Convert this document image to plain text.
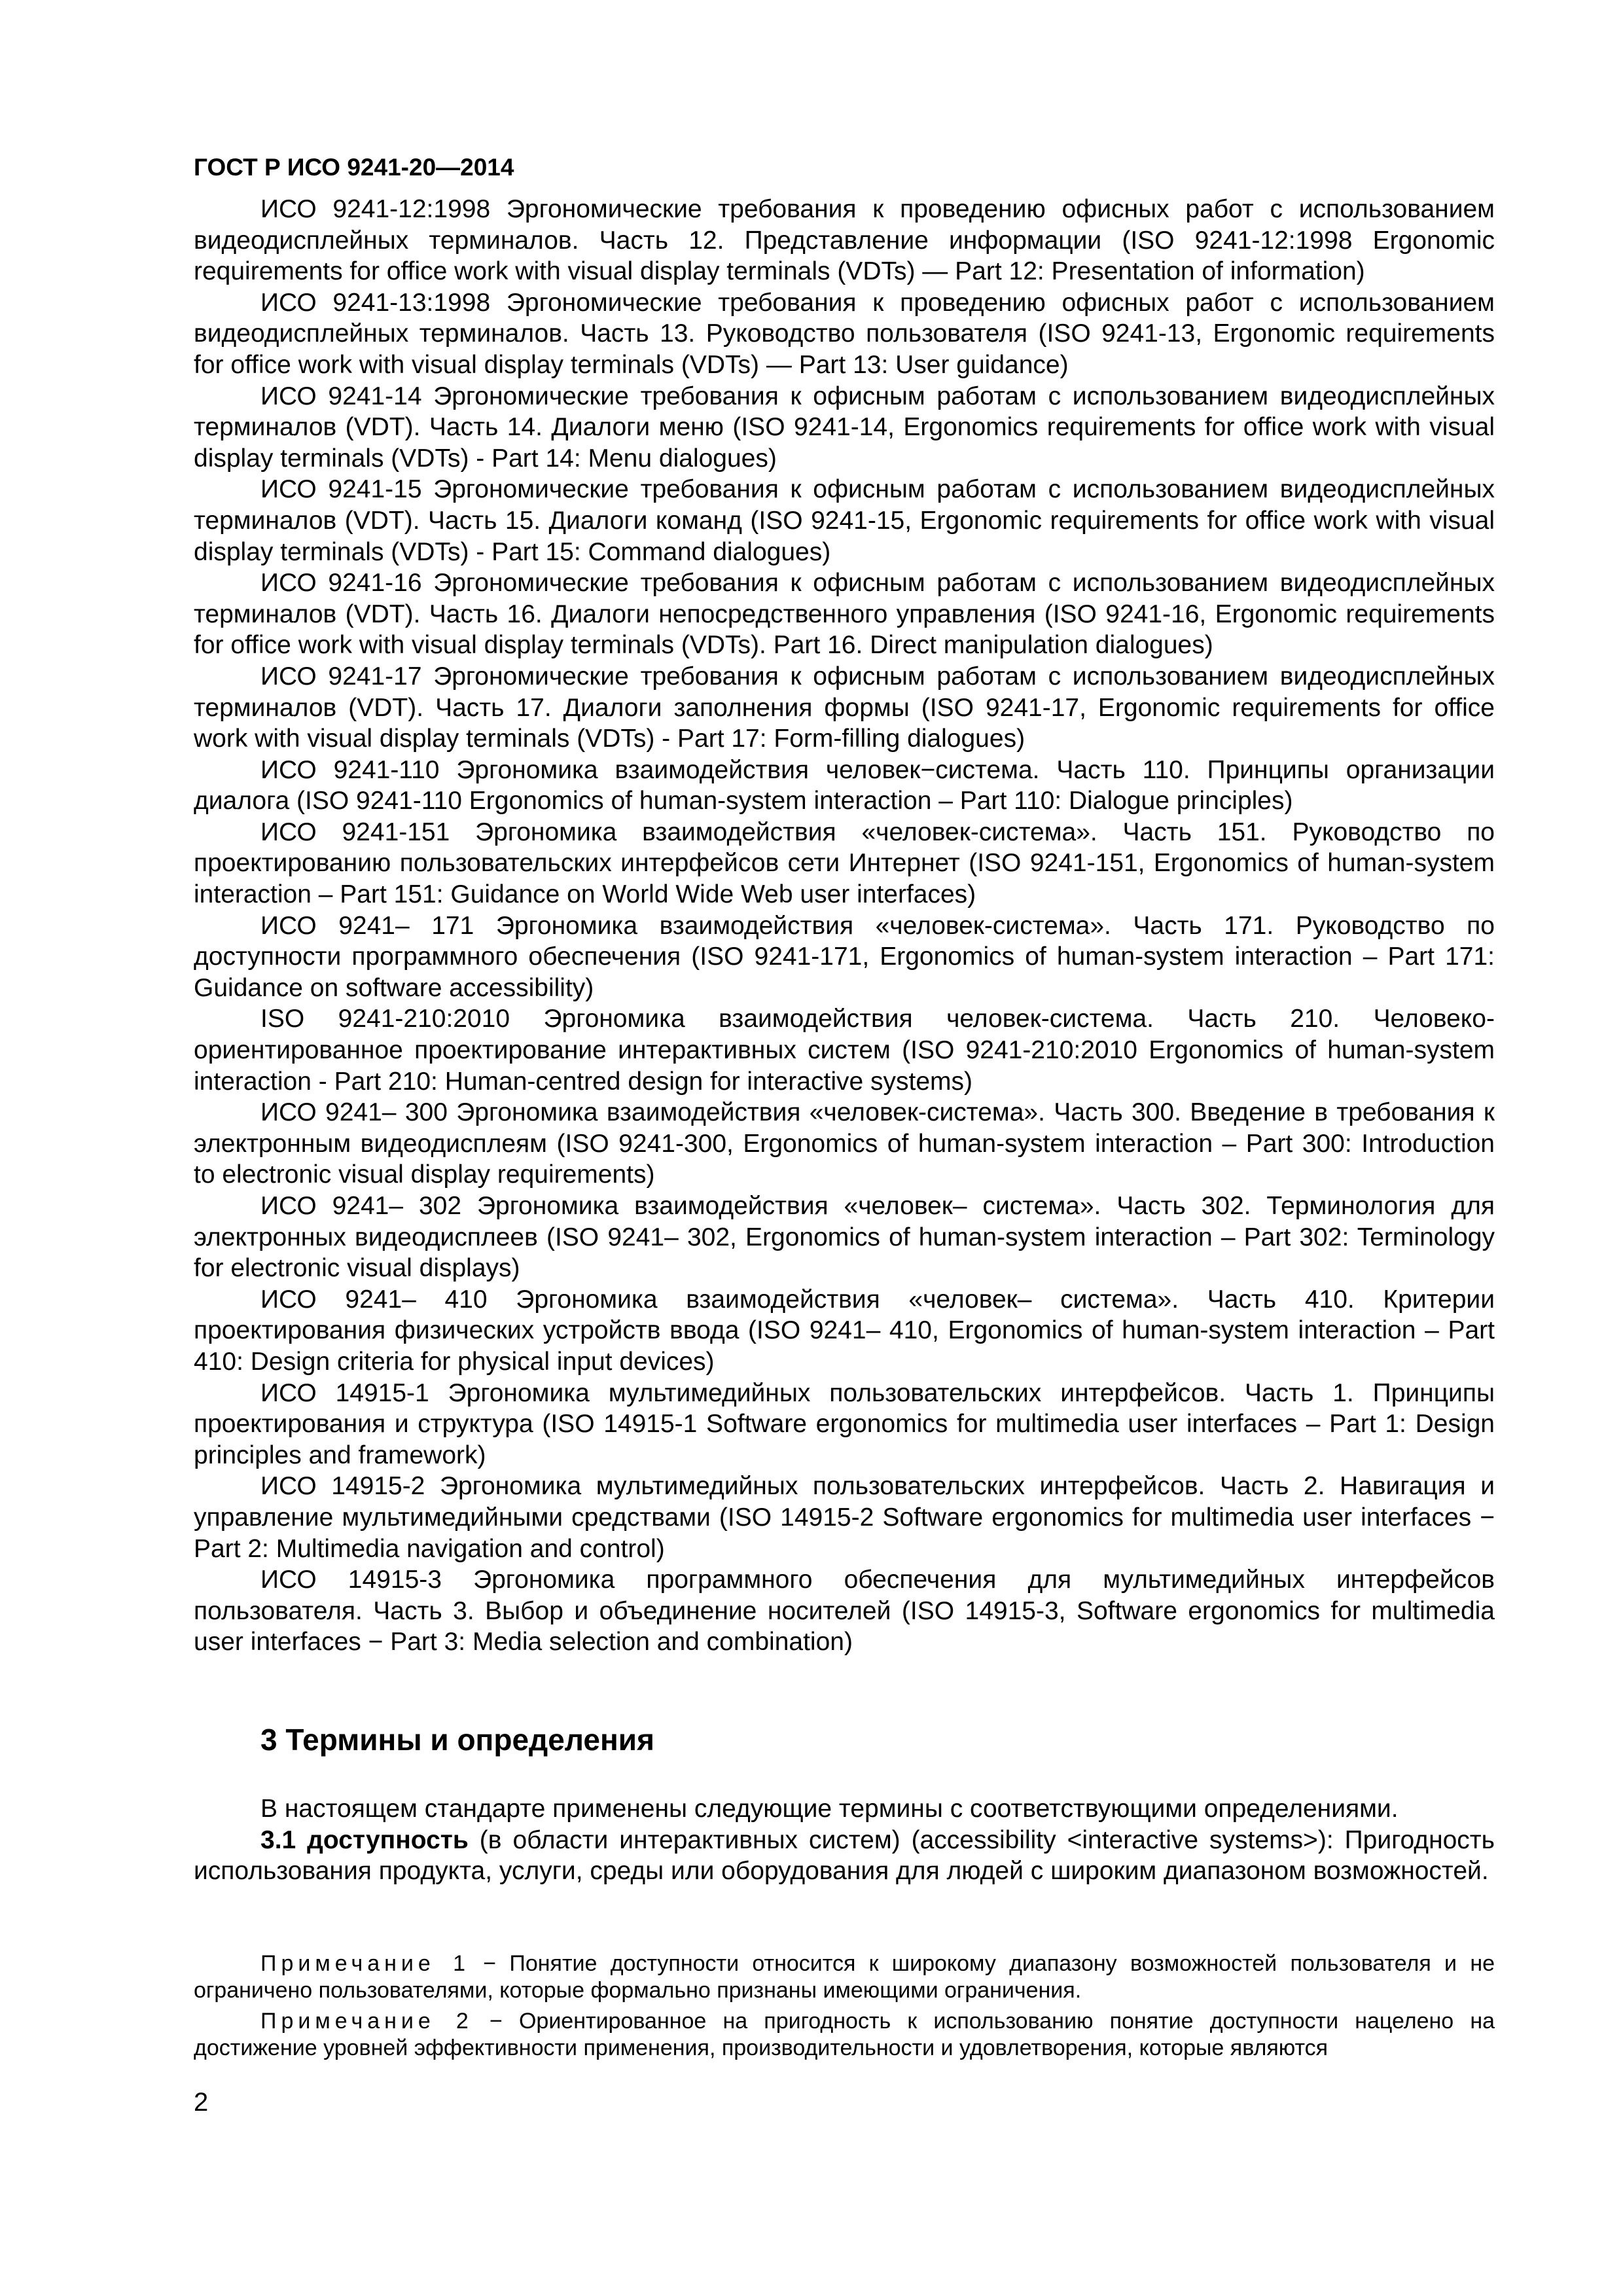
ГОСТ Р ИСО 9241-20—2014

ИСО 9241-12:1998 Эргономические требования к проведению офисных работ с использованием видеодисплейных терминалов. Часть 12. Представление информации (ISO 9241-12:1998 Ergonomic requirements for office work with visual display terminals (VDTs) — Part 12: Presentation of information)

ИСО 9241-13:1998 Эргономические требования к проведению офисных работ с использованием видеодисплейных терминалов. Часть 13. Руководство пользователя (ISO 9241-13, Ergonomic requirements for office work with visual display terminals (VDTs) — Part 13: User guidance)

ИСО 9241-14 Эргономические требования к офисным работам с использованием видеодисплейных терминалов (VDT). Часть 14. Диалоги меню (ISO 9241-14, Ergonomics requirements for office work with visual display terminals (VDTs) - Part 14: Menu dialogues)

ИСО 9241-15 Эргономические требования к офисным работам с использованием видеодисплейных терминалов (VDT). Часть 15. Диалоги команд (ISO 9241-15, Ergonomic requirements for office work with visual display terminals (VDTs) - Part 15: Command dialogues)

ИСО 9241-16 Эргономические требования к офисным работам с использованием видеодисплейных терминалов (VDT). Часть 16. Диалоги непосредственного управления (ISO 9241-16, Ergonomic requirements for office work with visual display terminals (VDTs). Part 16. Direct manipulation dialogues)

ИСО 9241-17 Эргономические требования к офисным работам с использованием видеодисплейных терминалов (VDT). Часть 17. Диалоги заполнения формы (ISO 9241-17, Ergonomic requirements for office work with visual display terminals (VDTs) - Part 17: Form-filling dialogues)

ИСО 9241-110 Эргономика взаимодействия человек−система. Часть 110. Принципы организации диалога (ISO 9241-110 Ergonomics of human-system interaction – Part 110: Dialogue principles)

ИСО 9241-151 Эргономика взаимодействия «человек-система». Часть 151. Руководство по проектированию пользовательских интерфейсов сети Интернет (ISO 9241-151, Ergonomics of human-system interaction – Part 151: Guidance on World Wide Web user interfaces)

ИСО 9241– 171 Эргономика взаимодействия «человек-система». Часть 171. Руководство по доступности программного обеспечения (ISO 9241-171, Ergonomics of human-system interaction – Part 171: Guidance on software accessibility)

ISO 9241-210:2010 Эргономика взаимодействия человек-система. Часть 210. Человеко-ориентированное проектирование интерактивных систем (ISO 9241-210:2010 Ergonomics of human-system interaction - Part 210: Human-centred design for interactive systems)

ИСО 9241– 300 Эргономика взаимодействия «человек-система». Часть 300. Введение в требования к электронным видеодисплеям (ISO 9241-300, Ergonomics of human-system interaction – Part 300: Introduction to electronic visual display requirements)

ИСО 9241– 302 Эргономика взаимодействия «человек– система». Часть 302. Терминология для электронных видеодисплеев (ISO 9241– 302, Ergonomics of human-system interaction – Part 302: Terminology for electronic visual displays)

ИСО 9241– 410 Эргономика взаимодействия «человек– система». Часть 410. Критерии проектирования физических устройств ввода (ISO 9241– 410, Ergonomics of human-system interaction – Part 410: Design criteria for physical input devices)

ИСО 14915-1 Эргономика мультимедийных пользовательских интерфейсов. Часть 1. Принципы проектирования и структура (ISO 14915-1 Software ergonomics for multimedia user interfaces – Part 1: Design principles and framework)

ИСО 14915-2 Эргономика мультимедийных пользовательских интерфейсов. Часть 2. Навигация и управление мультимедийными средствами (ISO 14915-2 Software ergonomics for multimedia user interfaces − Part 2: Multimedia navigation and control)

ИСО 14915-3 Эргономика программного обеспечения для мультимедийных интерфейсов пользователя. Часть 3. Выбор и объединение носителей (ISO 14915-3, Software ergonomics for multimedia user interfaces − Part 3: Media selection and combination)

3 Термины и определения

В настоящем стандарте применены следующие термины с соответствующими определениями.

3.1 доступность (в области интерактивных систем) (accessibility <interactive systems>): Пригодность использования продукта, услуги, среды или оборудования для людей с широким диапазоном возможностей.

Примечание 1 − Понятие доступности относится к широкому диапазону возможностей пользователя и не ограничено пользователями, которые формально признаны имеющими ограничения.

Примечание 2 − Ориентированное на пригодность к использованию понятие доступности нацелено на достижение уровней эффективности применения, производительности и удовлетворения, которые являются

2
